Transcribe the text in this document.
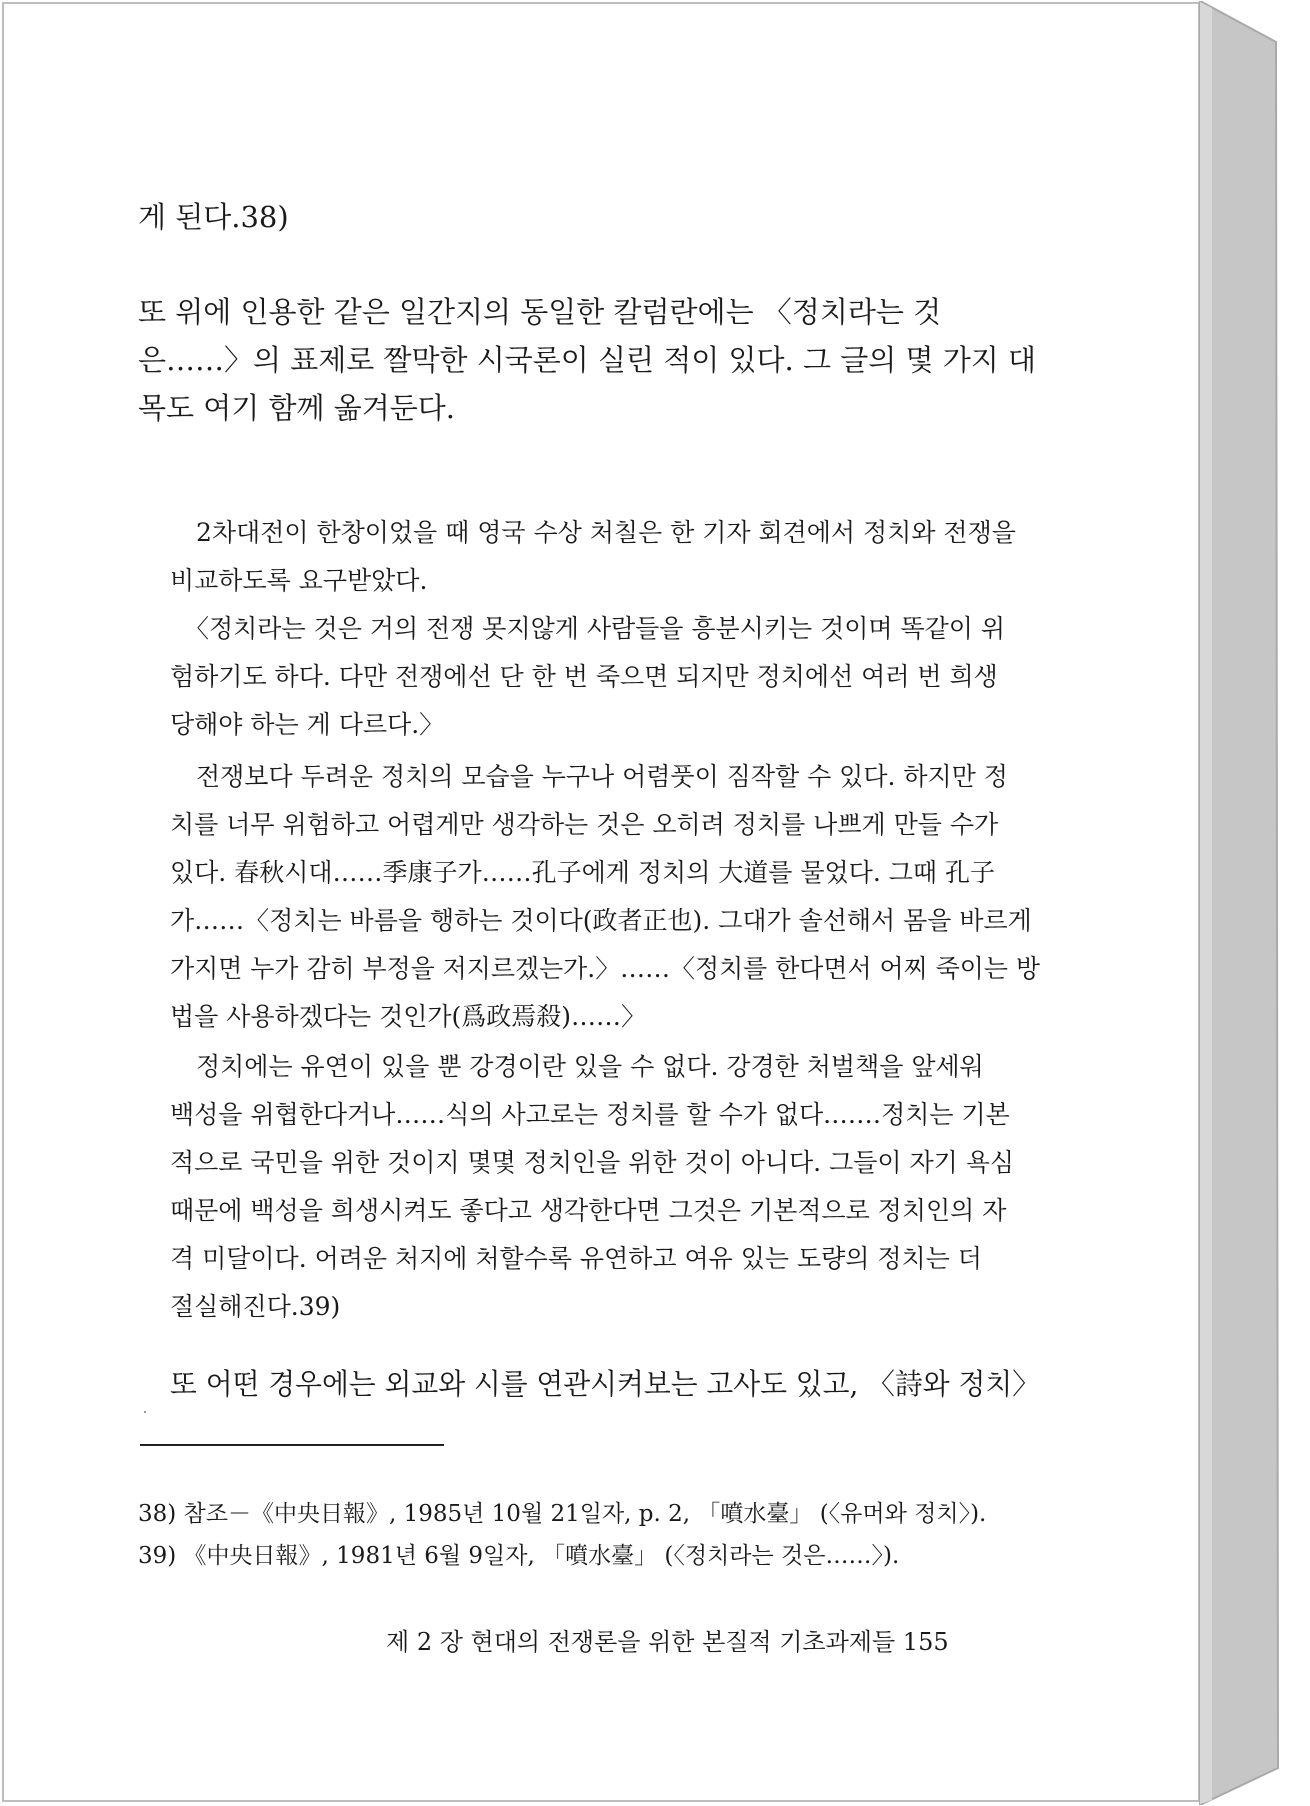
게 된다.38)

또 위에 인용한 같은 일간지의 동일한 칼럼란에는 〈정치라는 것

은……〉의 표제로 짤막한 시국론이 실린 적이 있다. 그 글의 몇 가지 대

목도 여기 함께 옮겨둔다.

2차대전이 한창이었을 때 영국 수상 처칠은 한 기자 회견에서 정치와 전쟁을

비교하도록 요구받았다.

〈정치라는 것은 거의 전쟁 못지않게 사람들을 흥분시키는 것이며 똑같이 위

험하기도 하다. 다만 전쟁에선 단 한 번 죽으면 되지만 정치에선 여러 번 희생

당해야 하는 게 다르다.〉

전쟁보다 두려운 정치의 모습을 누구나 어렴풋이 짐작할 수 있다. 하지만 정

치를 너무 위험하고 어렵게만 생각하는 것은 오히려 정치를 나쁘게 만들 수가

있다. 春秋시대……季康子가……孔子에게 정치의 大道를 물었다. 그때 孔子

가……〈정치는 바름을 행하는 것이다(政者正也). 그대가 솔선해서 몸을 바르게

가지면 누가 감히 부정을 저지르겠는가.〉……〈정치를 한다면서 어찌 죽이는 방

법을 사용하겠다는 것인가(爲政焉殺)……〉

정치에는 유연이 있을 뿐 강경이란 있을 수 없다. 강경한 처벌책을 앞세워

백성을 위협한다거나……식의 사고로는 정치를 할 수가 없다.……정치는 기본

적으로 국민을 위한 것이지 몇몇 정치인을 위한 것이 아니다. 그들이 자기 욕심

때문에 백성을 희생시켜도 좋다고 생각한다면 그것은 기본적으로 정치인의 자

격 미달이다. 어려운 처지에 처할수록 유연하고 여유 있는 도량의 정치는 더

절실해진다.39)

또 어떤 경우에는 외교와 시를 연관시켜보는 고사도 있고, 〈詩와 정치〉

38) 참조－《中央日報》, 1985년 10월 21일자, p. 2, 「噴水臺」 (〈유머와 정치〉).

39) 《中央日報》, 1981년 6월 9일자, 「噴水臺」 (〈정치라는 것은……〉).

제 2 장 현대의 전쟁론을 위한 본질적 기초과제들 155
